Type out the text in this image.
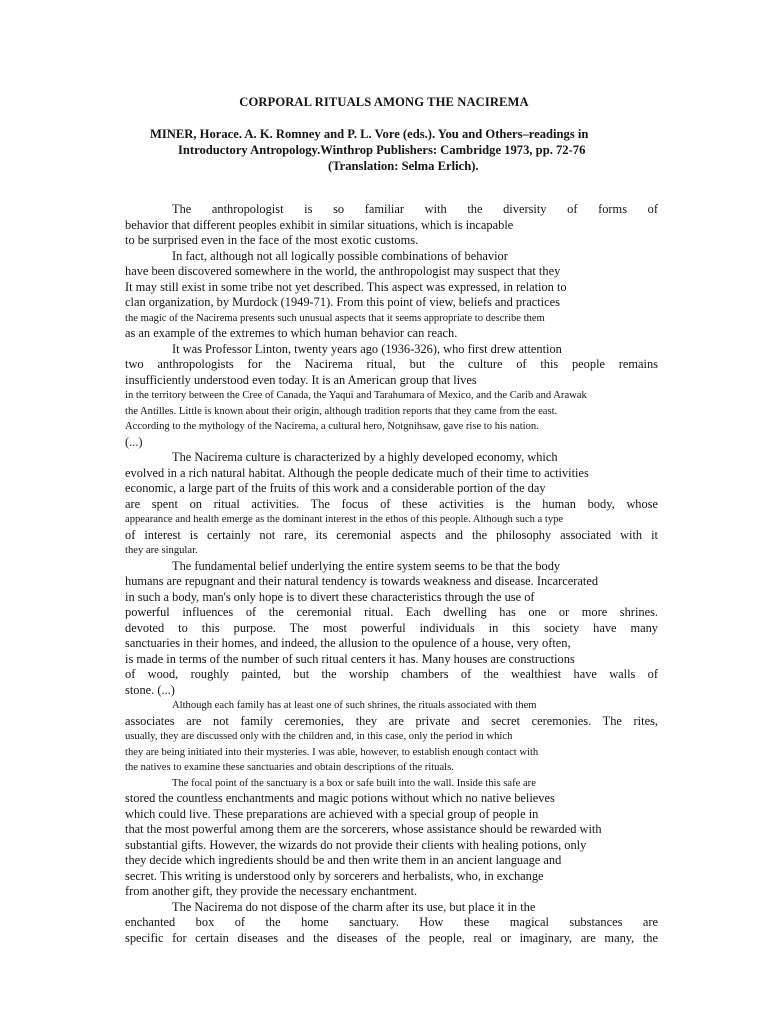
CORPORAL RITUALS AMONG THE NACIREMA
MINER, Horace. A. K. Romney and P. L. Vore (eds.). You and Others–readings in
Introductory Antropology.Winthrop Publishers: Cambridge 1973, pp. 72-76
(Translation: Selma Erlich).
The anthropologist is so familiar with the diversity of forms of
behavior that different peoples exhibit in similar situations, which is incapable
to be surprised even in the face of the most exotic customs.
In fact, although not all logically possible combinations of behavior
have been discovered somewhere in the world, the anthropologist may suspect that they
It may still exist in some tribe not yet described. This aspect was expressed, in relation to
clan organization, by Murdock (1949-71). From this point of view, beliefs and practices
the magic of the Nacirema presents such unusual aspects that it seems appropriate to describe them
as an example of the extremes to which human behavior can reach.
It was Professor Linton, twenty years ago (1936-326), who first drew attention
two anthropologists for the Nacirema ritual, but the culture of this people remains
insufficiently understood even today. It is an American group that lives
in the territory between the Cree of Canada, the Yaqui and Tarahumara of Mexico, and the Carib and Arawak
the Antilles. Little is known about their origin, although tradition reports that they came from the east.
According to the mythology of the Nacirema, a cultural hero, Notgnihsaw, gave rise to his nation.
(...)
The Nacirema culture is characterized by a highly developed economy, which
evolved in a rich natural habitat. Although the people dedicate much of their time to activities
economic, a large part of the fruits of this work and a considerable portion of the day
are spent on ritual activities. The focus of these activities is the human body, whose
appearance and health emerge as the dominant interest in the ethos of this people. Although such a type
of interest is certainly not rare, its ceremonial aspects and the philosophy associated with it
they are singular.
The fundamental belief underlying the entire system seems to be that the body
humans are repugnant and their natural tendency is towards weakness and disease. Incarcerated
in such a body, man's only hope is to divert these characteristics through the use of
powerful influences of the ceremonial ritual. Each dwelling has one or more shrines.
devoted to this purpose. The most powerful individuals in this society have many
sanctuaries in their homes, and indeed, the allusion to the opulence of a house, very often,
is made in terms of the number of such ritual centers it has. Many houses are constructions
of wood, roughly painted, but the worship chambers of the wealthiest have walls of
stone. (...)
Although each family has at least one of such shrines, the rituals associated with them
associates are not family ceremonies, they are private and secret ceremonies. The rites,
usually, they are discussed only with the children and, in this case, only the period in which
they are being initiated into their mysteries. I was able, however, to establish enough contact with
the natives to examine these sanctuaries and obtain descriptions of the rituals.
The focal point of the sanctuary is a box or safe built into the wall. Inside this safe are
stored the countless enchantments and magic potions without which no native believes
which could live. These preparations are achieved with a special group of people in
that the most powerful among them are the sorcerers, whose assistance should be rewarded with
substantial gifts. However, the wizards do not provide their clients with healing potions, only
they decide which ingredients should be and then write them in an ancient language and
secret. This writing is understood only by sorcerers and herbalists, who, in exchange
from another gift, they provide the necessary enchantment.
The Nacirema do not dispose of the charm after its use, but place it in the
enchanted box of the home sanctuary. How these magical substances are
specific for certain diseases and the diseases of the people, real or imaginary, are many, the
